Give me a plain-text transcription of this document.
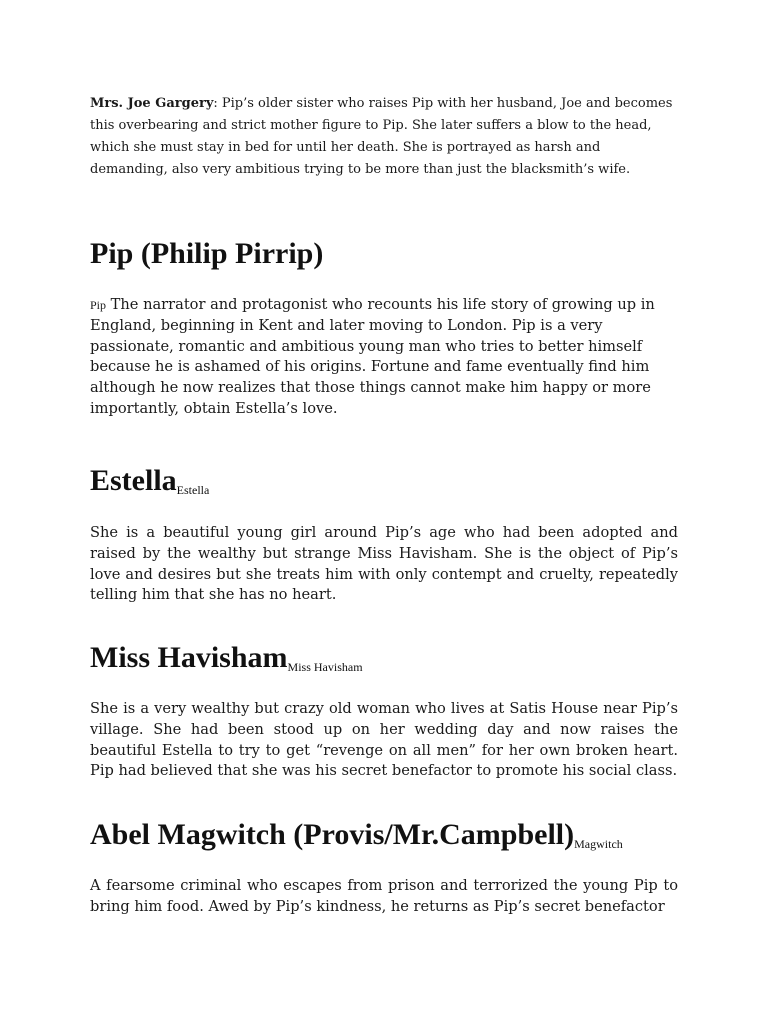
Mrs. Joe Gargery: Pip’s older sister who raises Pip with her husband, Joe and becomes this overbearing and strict mother figure to Pip. She later suffers a blow to the head, which she must stay in bed for until her death. She is portrayed as harsh and demanding, also very ambitious trying to be more than just the blacksmith’s wife.

Pip (Philip Pirrip)

Pip The narrator and protagonist who recounts his life story of growing up in England, beginning in Kent and later moving to London. Pip is a very passionate, romantic and ambitious young man who tries to better himself because he is ashamed of his origins. Fortune and fame eventually find him although he now realizes that those things cannot make him happy or more importantly, obtain Estella’s love.

EstellaEstella

She is a beautiful young girl around Pip’s age who had been adopted and raised by the wealthy but strange Miss Havisham. She is the object of Pip’s love and desires but she treats him with only contempt and cruelty, repeatedly telling him that she has no heart.

Miss HavishamMiss Havisham

She is a very wealthy but crazy old woman who lives at Satis House near Pip’s village. She had been stood up on her wedding day and now raises the beautiful Estella to try to get “revenge on all men” for her own broken heart. Pip had believed that she was his secret benefactor to promote his social class.

Abel Magwitch (Provis/Mr.Campbell)Magwitch

A fearsome criminal who escapes from prison and terrorized the young Pip to bring him food. Awed by Pip’s kindness, he returns as Pip’s secret benefactor
